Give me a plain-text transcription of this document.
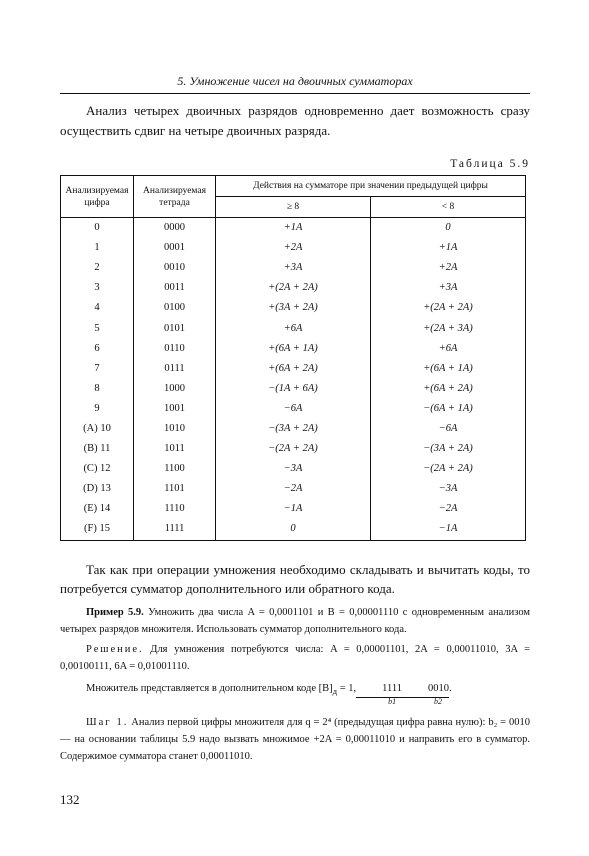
5. Умножение чисел на двоичных сумматорах
Анализ четырех двоичных разрядов одновременно дает возможность сразу осуществить сдвиг на четыре двоичных разряда.
Таблица 5.9
Анализируемая цифра	Анализируемая тетрада	Действия на сумматоре при значении предыдущей цифры	
		≥ 8	< 8
0	0000	+1A	0
1	0001	+2A	+1A
2	0010	+3A	+2A
3	0011	+(2A + 2A)	+3A
4	0100	+(3A + 2A)	+(2A + 2A)
5	0101	+6A	+(2A + 3A)
6	0110	+(6A + 1A)	+6A
7	0111	+(6A + 2A)	+(6A + 1A)
8	1000	−(1A + 6A)	+(6A + 2A)
9	1001	−6A	−(6A + 1A)
(A) 10	1010	−(3A + 2A)	−6A
(B) 11	1011	−(2A + 2A)	−(3A + 2A)
(C) 12	1100	−3A	−(2A + 2A)
(D) 13	1101	−2A	−3A
(E) 14	1110	−1A	−2A
(F) 15	1111	0	−1A
Так как при операции умножения необходимо складывать и вычитать коды, то потребуется сумматор дополнительного или обратного кода.
Пример 5.9. Умножить два числа A = 0,0001101 и B = 0,00001110 с одновременным анализом четырех разрядов множителя. Использовать сумматор дополнительного кода.
Решение. Для умножения потребуются числа: A = 0,00001101, 2A = 0,00011010, 3A = 0,00100111, 6A = 0,01001110.
Множитель представляется в дополнительном коде $[B]_д = 1$, 1111
b1
0010
b2
.
Шаг 1. Анализ первой цифры множителя для q = 2⁴ (предыдущая цифра равна нулю): b₂ = 0010 — на основании таблицы 5.9 надо вызвать множимое +2A = 0,00011010 и направить его в сумматор. Содержимое сумматора станет 0,00011010.
132
